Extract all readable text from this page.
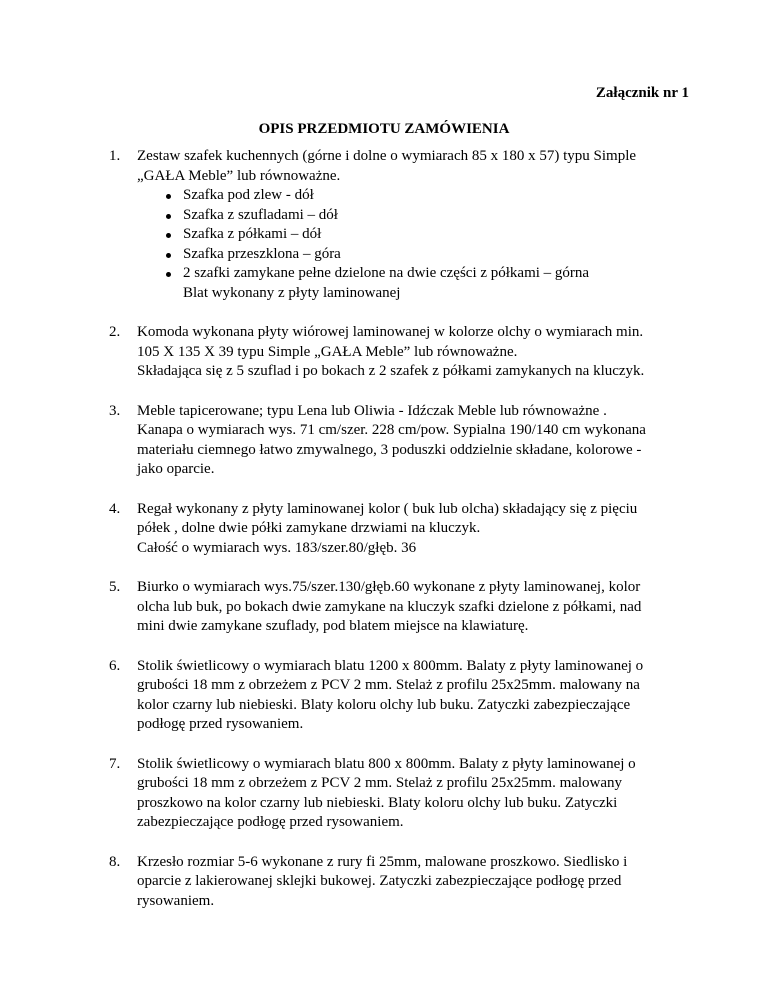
Załącznik nr 1
OPIS PRZEDMIOTU ZAMÓWIENIA
1. Zestaw szafek kuchennych (górne i dolne o wymiarach 85 x 180 x 57) typu Simple

„GAŁA Meble” lub równoważne.

Szafka pod zlew - dół
Szafka z szufladami – dół
Szafka z półkami – dół
Szafka przeszklona – góra
2 szafki zamykane pełne dzielone na dwie części z półkami – górna

Blat wykonany z płyty laminowanej

2. Komoda wykonana płyty wiórowej laminowanej w kolorze olchy o wymiarach min.

105 X 135 X 39 typu Simple „GAŁA Meble” lub równoważne.

Składająca się z 5 szuflad i po bokach z 2 szafek z półkami zamykanych na kluczyk.

3. Meble tapicerowane; typu Lena lub Oliwia - Idźczak Meble lub równoważne .

Kanapa o wymiarach wys. 71 cm/szer. 228 cm/pow. Sypialna 190/140 cm wykonana

materiału ciemnego łatwo zmywalnego, 3 poduszki oddzielnie składane, kolorowe -

jako oparcie.

4. Regał wykonany z płyty laminowanej kolor ( buk lub olcha) składający się z pięciu

półek , dolne dwie półki zamykane drzwiami na kluczyk.

Całość o wymiarach wys. 183/szer.80/głęb. 36

5. Biurko o wymiarach wys.75/szer.130/głęb.60 wykonane z płyty laminowanej, kolor

olcha lub buk, po bokach dwie zamykane na kluczyk szafki dzielone z półkami, nad

mini dwie zamykane szuflady, pod blatem miejsce na klawiaturę.

6. Stolik świetlicowy o wymiarach blatu 1200 x 800mm. Balaty z płyty laminowanej o

grubości 18 mm z obrzeżem z PCV 2 mm. Stelaż z profilu 25x25mm. malowany na

kolor czarny lub niebieski. Blaty koloru olchy lub buku. Zatyczki zabezpieczające

podłogę przed rysowaniem.

7. Stolik świetlicowy o wymiarach blatu 800 x 800mm. Balaty z płyty laminowanej o

grubości 18 mm z obrzeżem z PCV 2 mm. Stelaż z profilu 25x25mm. malowany

proszkowo na kolor czarny lub niebieski. Blaty koloru olchy lub buku. Zatyczki

zabezpieczające podłogę przed rysowaniem.

8. Krzesło rozmiar 5-6 wykonane z rury fi 25mm, malowane proszkowo. Siedlisko i

oparcie z lakierowanej sklejki bukowej. Zatyczki zabezpieczające podłogę przed

rysowaniem.
